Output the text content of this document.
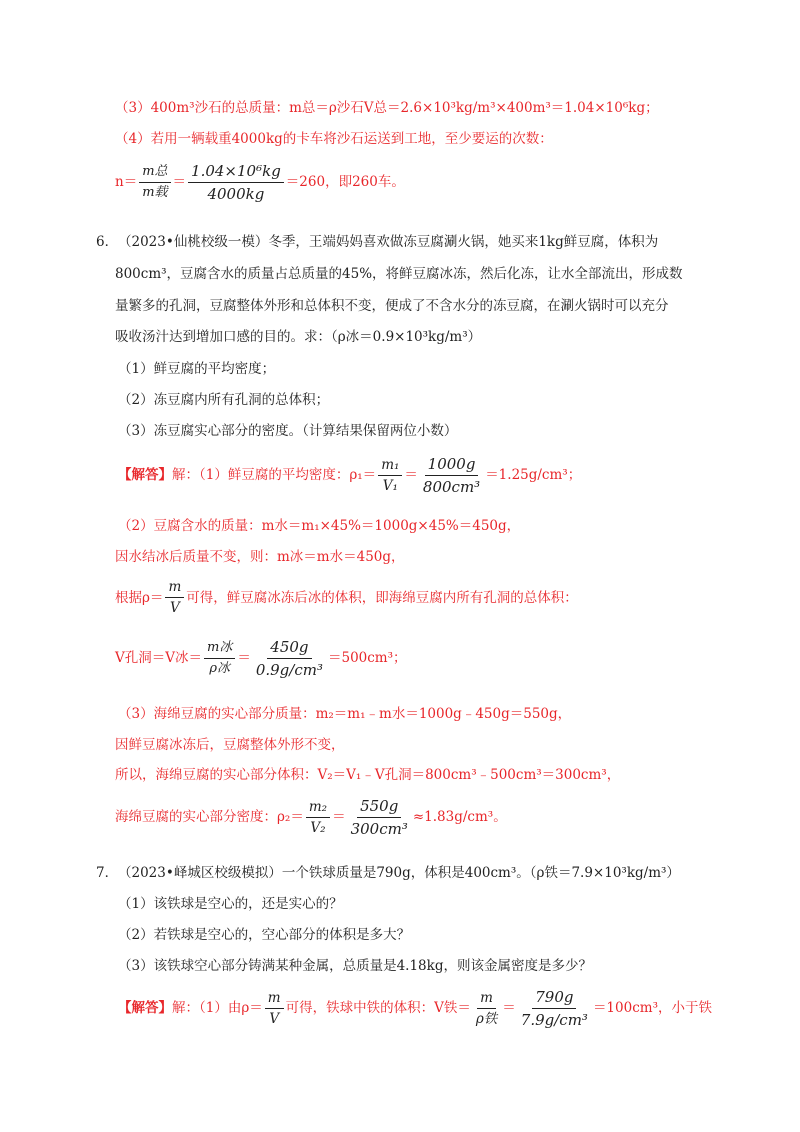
（3）400m³沙石的总质量：m总＝ρ沙石V总＝2.6×10³kg/m³×400m³＝1.04×10⁶kg；
（4）若用一辆载重4000kg的卡车将沙石运送到工地，至少要运的次数：
$n= \frac{\text{m总}}{\text{m载}} = \frac{\text{1.04×10⁶kg}}{4000kg} =260$，即260车。
6． （2023•仙桃校级一模）冬季，王端妈妈喜欢做冻豆腐涮火锅，她买来1kg鲜豆腐，体积为
800cm³，豆腐含水的质量占总质量的45%，将鲜豆腐冰冻，然后化冻，让水全部流出，形成数
量繁多的孔洞，豆腐整体外形和总体积不变，便成了不含水分的冻豆腐，在涮火锅时可以充分
吸收汤汁达到增加口感的目的。求：（ρ冰＝0.9×10³kg/m³）
（1）鲜豆腐的平均密度；
（2）冻豆腐内所有孔洞的总体积；
（3）冻豆腐实心部分的密度。（计算结果保留两位小数）
【解答】 解：（1）鲜豆腐的平均密度：$\rho_1= \frac{\text{m₁}}{\text{V₁}} = \frac{1000g}{\text{800cm³}} =1.25g/cm^3$；
（2）豆腐含水的质量：m水＝m₁×45%＝1000g×45%＝450g，
因水结冰后质量不变，则：m冰＝m水＝450g，
根据$\rho= \frac{m}{V}$ 可得，鲜豆腐冰冻后冰的体积，即海绵豆腐内所有孔洞的总体积：
V孔洞＝V冰＝ $\frac{\text{m冰}}{\text{ρ冰}} = \frac{450g}{\text{0.9g/cm³}} =500cm^3$；
（3）海绵豆腐的实心部分质量：m₂＝m₁﹣m水＝1000g﹣450g＝550g，
因鲜豆腐冰冻后，豆腐整体外形不变，
所以，海绵豆腐的实心部分体积：V₂＝V₁﹣V孔洞＝800cm³﹣500cm³＝300cm³，
海绵豆腐的实心部分密度：$\rho_2= \frac{\text{m₂}}{\text{V₂}} = \frac{550g}{\text{300cm³}} \approx 1.83g/cm^3$。
7． （2023•峄城区校级模拟）一个铁球质量是790g，体积是400cm³。（ρ铁＝7.9×10³kg/m³）
（1）该铁球是空心的，还是实心的？
（2）若铁球是空心的，空心部分的体积是多大？
（3）该铁球空心部分铸满某种金属，总质量是4.18kg，则该金属密度是多少？
【解答】 解：（1）由$\rho= \frac{m}{V}$ 可得，铁球中铁的体积：V铁＝ $\frac{m}{\text{ρ铁}} = \frac{790g}{\text{7.9g/cm³}} =100cm^3$，小于铁
